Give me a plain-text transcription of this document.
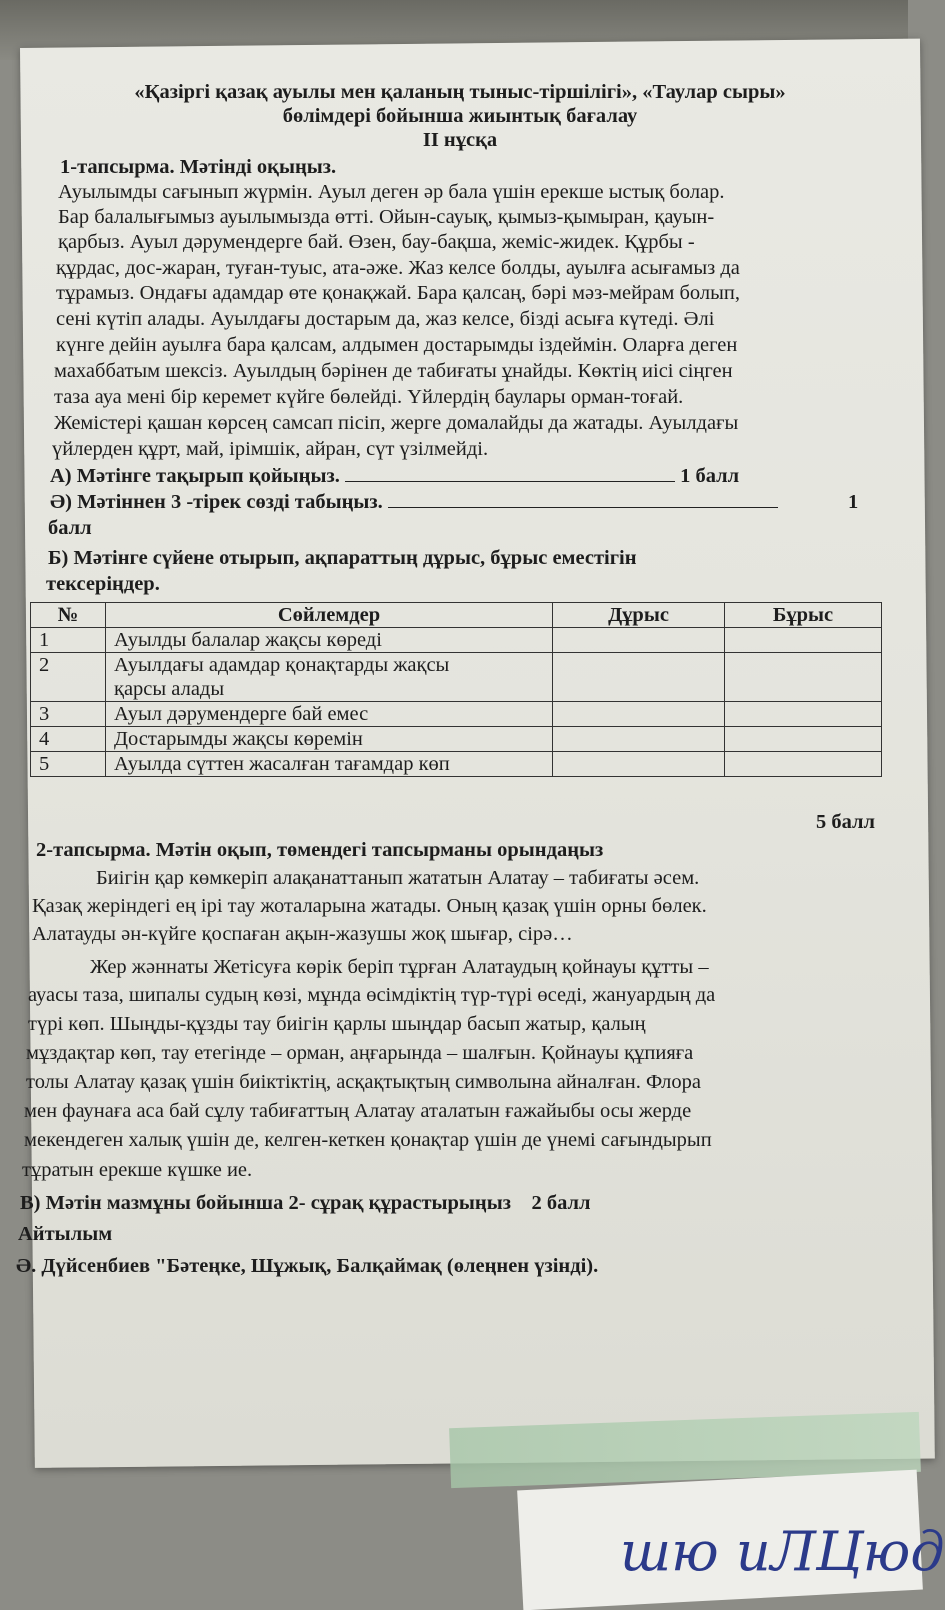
шю иЛЦюд
«Қазіргі қазақ ауылы мен қаланың тыныс-тіршілігі», «Таулар сыры»
бөлімдері бойынша жиынтық бағалау
ІІ нұсқа
1-тапсырма. Мәтінді оқыңыз.
Ауылымды сағынып жүрмін. Ауыл деген әр бала үшін ерекше ыстық болар.
Бар балалығымыз ауылымызда өтті. Ойын-сауық, қымыз-қымыран, қауын-
қарбыз. Ауыл дәрумендерге бай. Өзен, бау-бақша, жеміс-жидек. Құрбы -
құрдас, дос-жаран, туған-туыс, ата-әже. Жаз келсе болды, ауылға асығамыз да
тұрамыз. Ондағы адамдар өте қонақжай. Бара қалсаң, бәрі мәз-мейрам болып,
сені күтіп алады. Ауылдағы достарым да, жаз келсе, бізді асыға күтеді. Әлі
күнге дейін ауылға бара қалсам, алдымен достарымды іздеймін. Оларға деген
махаббатым шексіз. Ауылдың бәрінен де табиғаты ұнайды. Көктің иісі сіңген
таза ауа мені бір керемет күйге бөлейді. Үйлердің баулары орман-тоғай.
Жемістері қашан көрсең самсап пісіп, жерге домалайды да жатады. Ауылдағы
үйлерден құрт, май, ірімшік, айран, сүт үзілмейді.
А) Мәтінге тақырып қойыңыз.	1 балл
Ә) Мәтіннен 3 -тірек сөзді табыңыз.	1
балл
Б) Мәтінге сүйене отырып, ақпараттың дұрыс, бұрыс еместігін
тексеріңдер.
№	Сөйлемдер	Дұрыс	Бұрыс
1	Ауылды балалар жақсы көреді		
2	Ауылдағы адамдар қонақтарды жақсы
қарсы алады		
3	Ауыл дәрумендерге бай емес		
4	Достарымды жақсы көремін		
5	Ауылда сүттен жасалған тағамдар көп		
5 балл
2-тапсырма. Мәтін оқып, төмендегі тапсырманы орындаңыз
Биігін қар көмкеріп алақанаттанып жататын Алатау – табиғаты әсем.
Қазақ жеріндегі ең ірі тау жоталарына жатады. Оның қазақ үшін орны бөлек.
Алатауды ән-күйге қоспаған ақын-жазушы жоқ шығар, сірә…
Жер жәннаты Жетісуға көрік беріп тұрған Алатаудың қойнауы құтты –
ауасы таза, шипалы судың көзі, мұнда өсімдіктің түр-түрі өседі, жануардың да
түрі көп. Шыңды-құзды тау биігін қарлы шыңдар басып жатыр, қалың
мұздақтар көп, тау етегінде – орман, аңғарында – шалғын. Қойнауы құпияға
толы Алатау қазақ үшін биіктіктің, асқақтықтың символына айналған. Флора
мен фаунаға аса бай сұлу табиғаттың Алатау аталатын ғажайыбы осы жерде
мекендеген халық үшін де, келген-кеткен қонақтар үшін де үнемі сағындырып
тұратын ерекше күшке ие.
В) Мәтін мазмұны бойынша 2- сұрақ құрастырыңыз 2 балл
Айтылым
Ә. Дүйсенбиев "Бәтеңке, Шұжық, Балқаймақ (өлеңнен үзінді).
